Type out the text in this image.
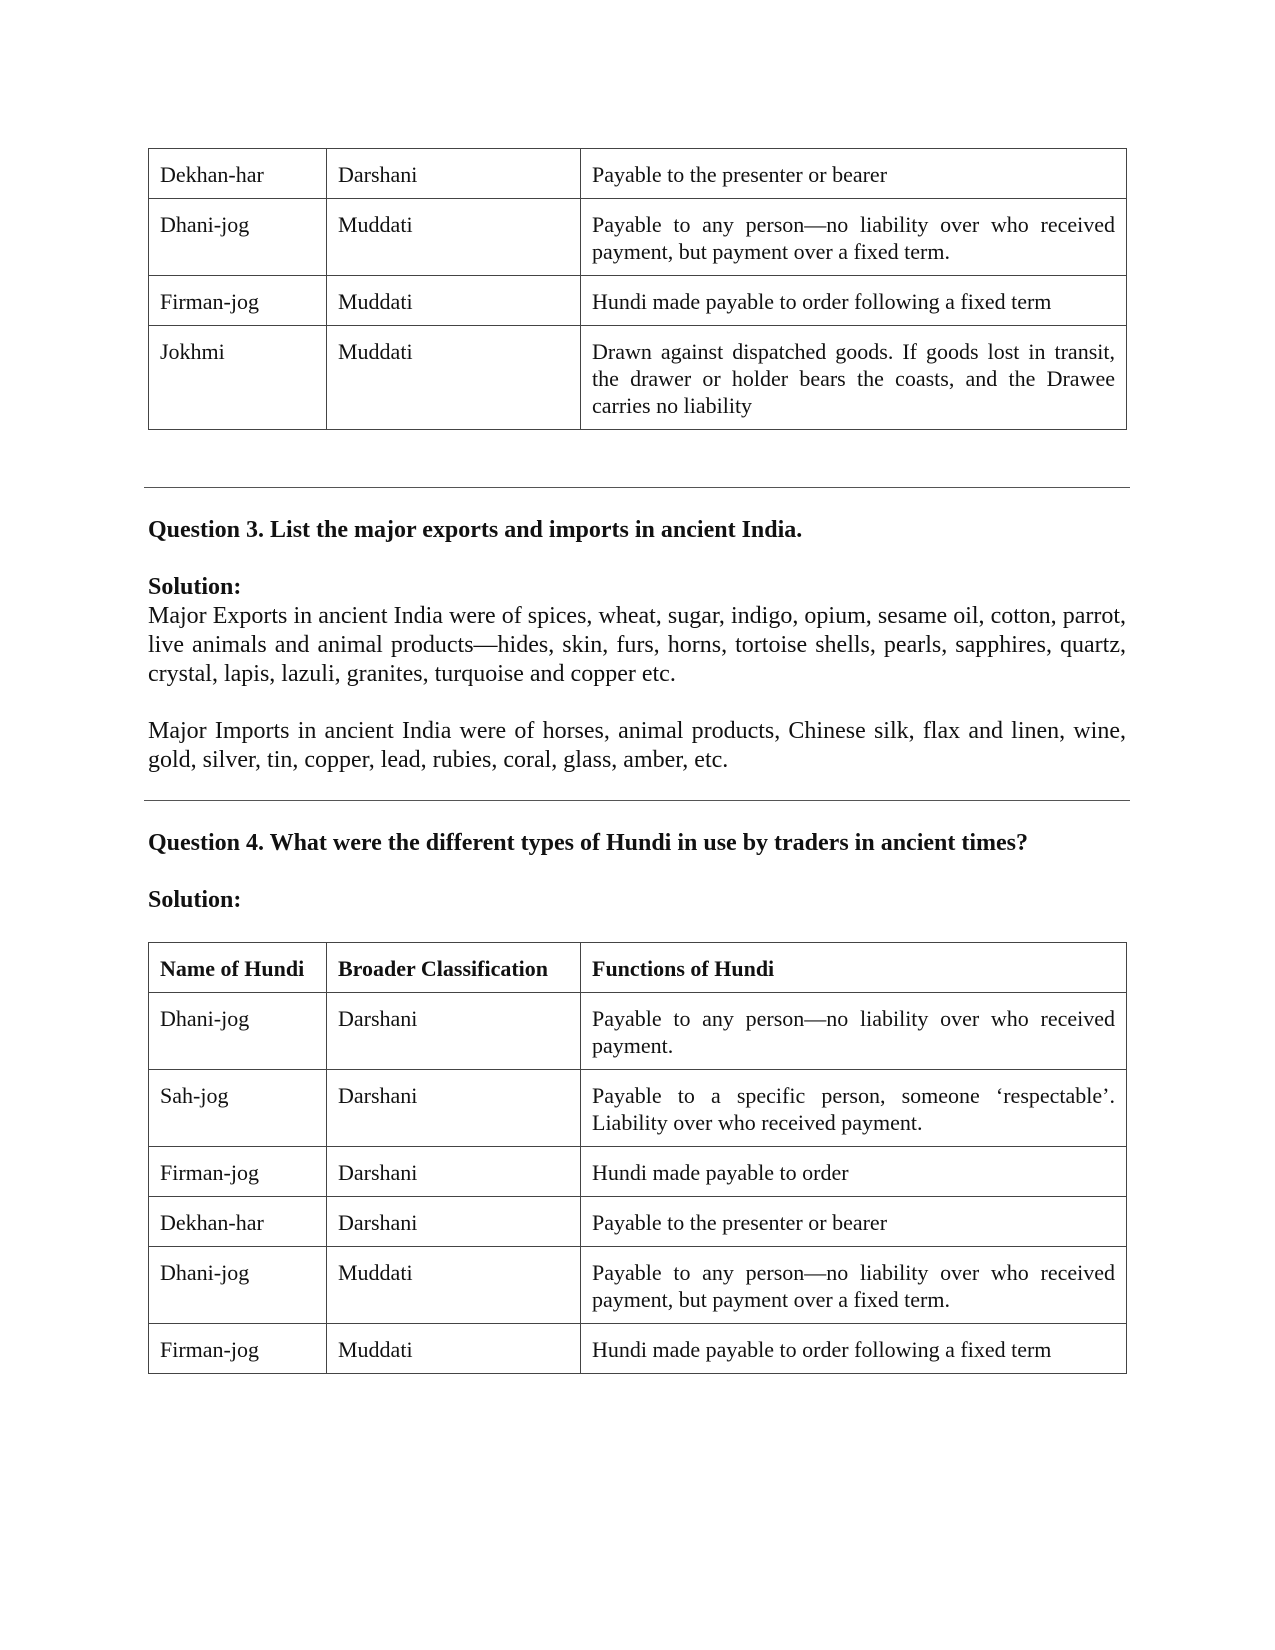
Dekhan-har	Darshani	Payable to the presenter or bearer
Dhani-jog	Muddati	Payable to any person—no liability over who received payment, but payment over a fixed term.
Firman-jog	Muddati	Hundi made payable to order following a fixed term
Jokhmi	Muddati	Drawn against dispatched goods. If goods lost in transit, the drawer or holder bears the coasts, and the Drawee carries no liability

Question 3. List the major exports and imports in ancient India.

Solution:

Major Exports in ancient India were of spices, wheat, sugar, indigo, opium, sesame oil, cotton, parrot, live animals and animal products—hides, skin, furs, horns, tortoise shells, pearls, sapphires, quartz, crystal, lapis, lazuli, granites, turquoise and copper etc.

Major Imports in ancient India were of horses, animal products, Chinese silk, flax and linen, wine, gold, silver, tin, copper, lead, rubies, coral, glass, amber, etc.

Question 4. What were the different types of Hundi in use by traders in ancient times?

Solution:

Name of Hundi	Broader Classification	Functions of Hundi
Dhani-jog	Darshani	Payable to any person—no liability over who received payment.
Sah-jog	Darshani	Payable to a specific person, someone ‘respectable’. Liability over who received payment.
Firman-jog	Darshani	Hundi made payable to order
Dekhan-har	Darshani	Payable to the presenter or bearer
Dhani-jog	Muddati	Payable to any person—no liability over who received payment, but payment over a fixed term.
Firman-jog	Muddati	Hundi made payable to order following a fixed term
